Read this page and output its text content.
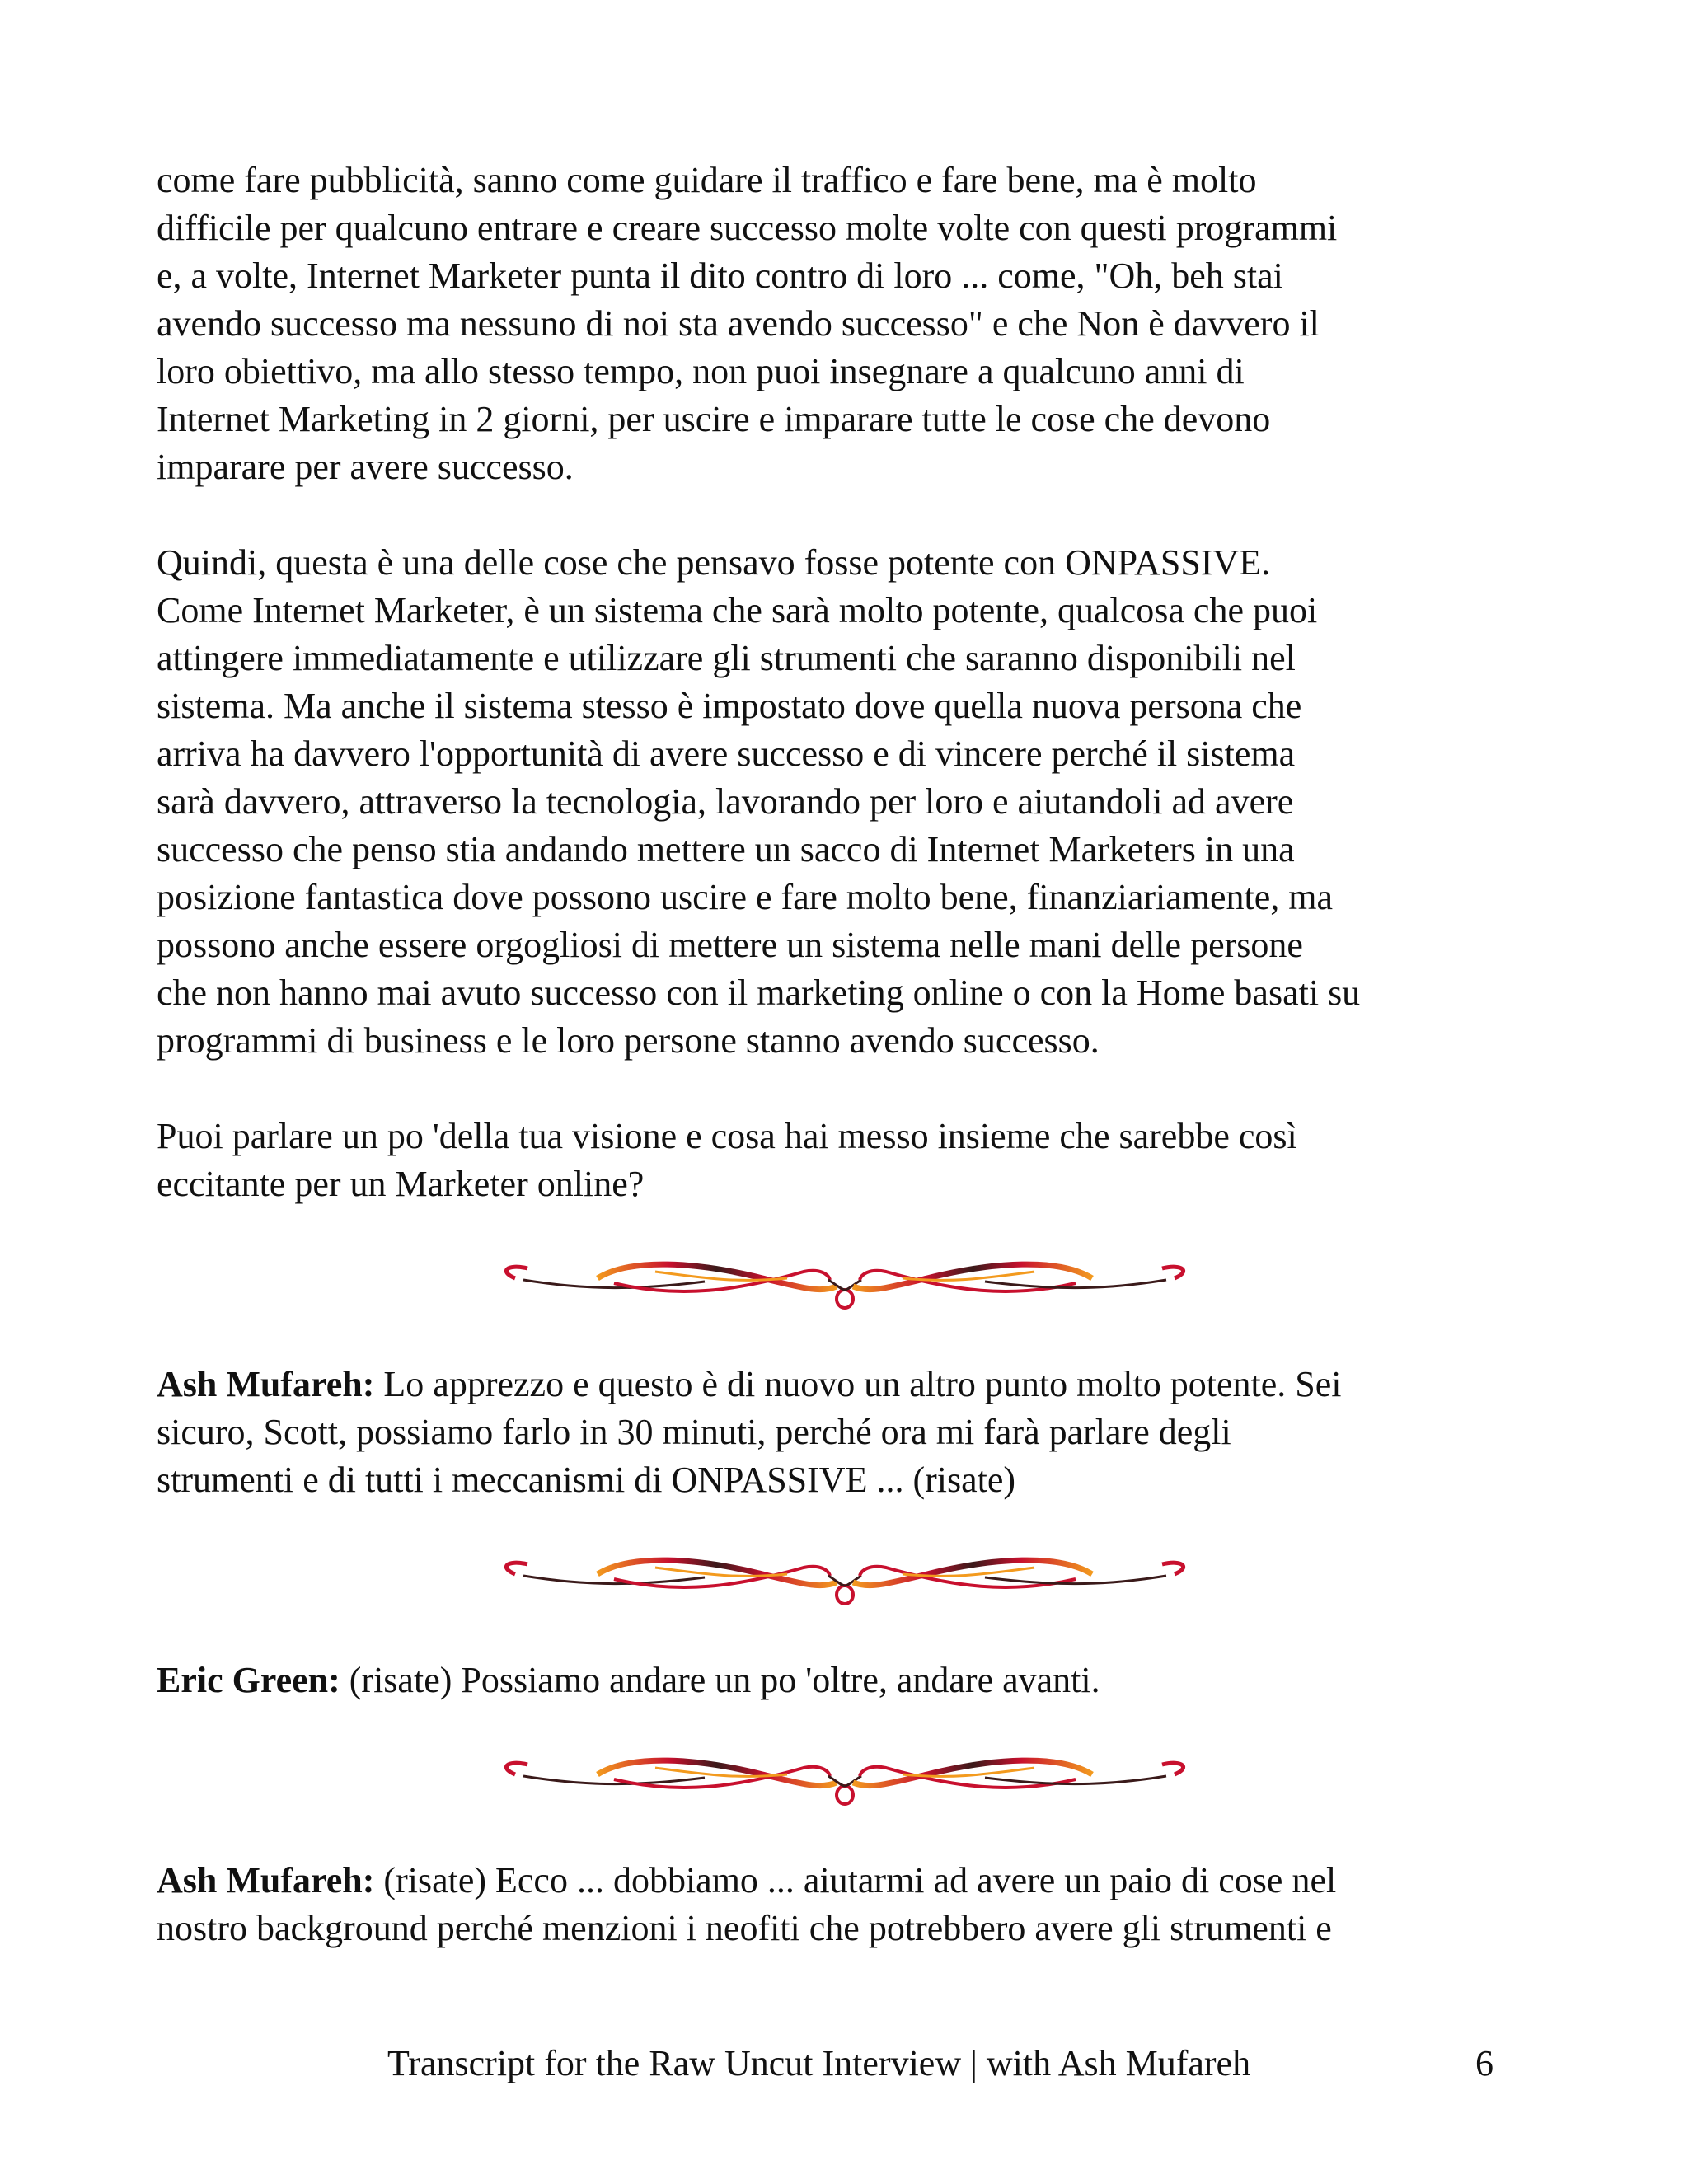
come fare pubblicità, sanno come guidare il traffico e fare bene, ma è molto
difficile per qualcuno entrare e creare successo molte volte con questi programmi
e, a volte, Internet Marketer punta il dito contro di loro ... come, "Oh, beh stai
avendo successo ma nessuno di noi sta avendo successo" e che Non è davvero il
loro obiettivo, ma allo stesso tempo, non puoi insegnare a qualcuno anni di
Internet Marketing in 2 giorni, per uscire e imparare tutte le cose che devono
imparare per avere successo.

Quindi, questa è una delle cose che pensavo fosse potente con ONPASSIVE.
Come Internet Marketer, è un sistema che sarà molto potente, qualcosa che puoi
attingere immediatamente e utilizzare gli strumenti che saranno disponibili nel
sistema. Ma anche il sistema stesso è impostato dove quella nuova persona che
arriva ha davvero l'opportunità di avere successo e di vincere perché il sistema
sarà davvero, attraverso la tecnologia, lavorando per loro e aiutandoli ad avere
successo che penso stia andando mettere un sacco di Internet Marketers in una
posizione fantastica dove possono uscire e fare molto bene, finanziariamente, ma
possono anche essere orgogliosi di mettere un sistema nelle mani delle persone
che non hanno mai avuto successo con il marketing online o con la Home basati su
programmi di business e le loro persone stanno avendo successo.

Puoi parlare un po 'della tua visione e cosa hai messo insieme che sarebbe così
eccitante per un Marketer online?

Ash Mufareh: Lo apprezzo e questo è di nuovo un altro punto molto potente. Sei
sicuro, Scott, possiamo farlo in 30 minuti, perché ora mi farà parlare degli
strumenti e di tutti i meccanismi di ONPASSIVE ... (risate)

Eric Green: (risate) Possiamo andare un po 'oltre, andare avanti.

Ash Mufareh: (risate) Ecco ... dobbiamo ... aiutarmi ad avere un paio di cose nel
nostro background perché menzioni i neofiti che potrebbero avere gli strumenti e

Transcript for the Raw Uncut Interview | with Ash Mufareh	6
